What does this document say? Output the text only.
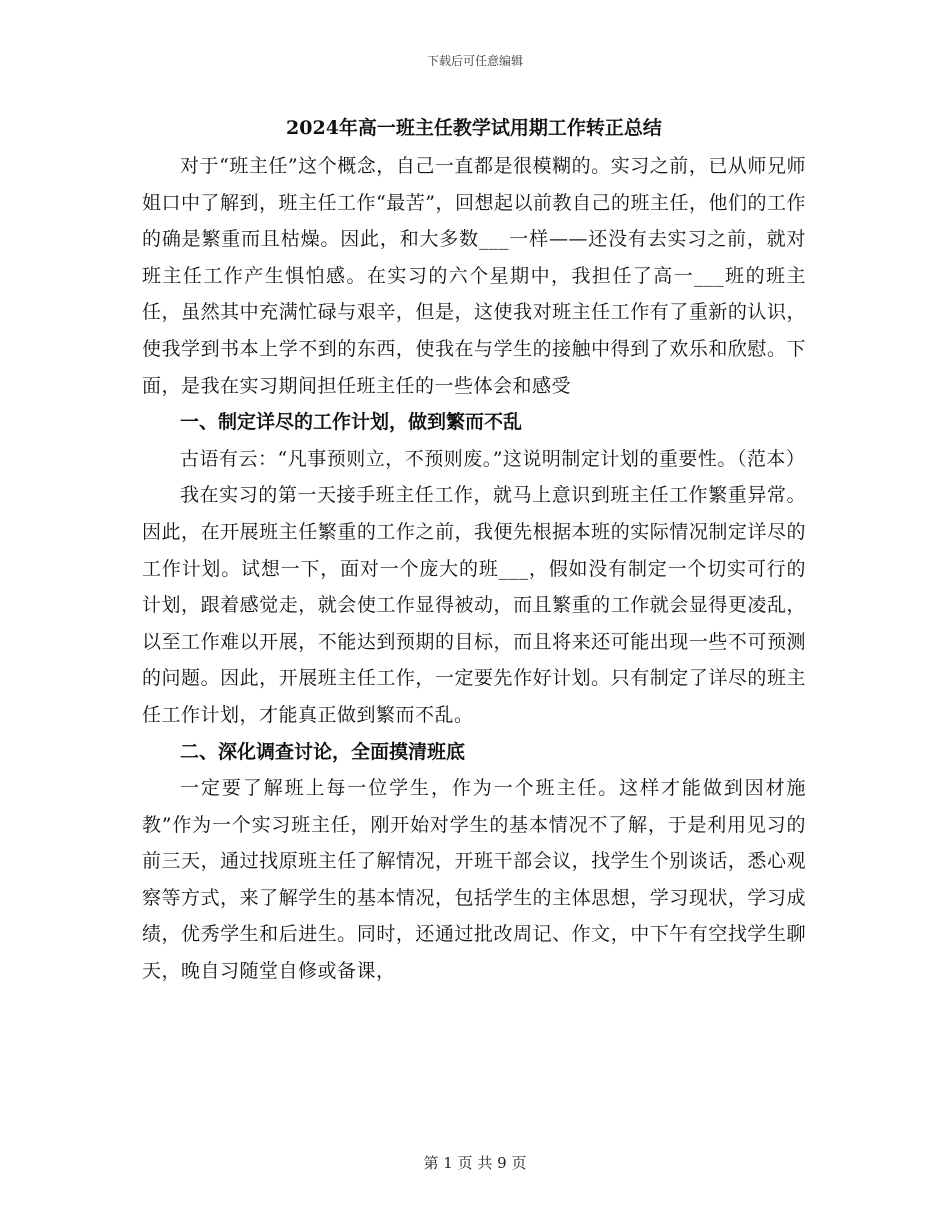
下载后可任意编辑
2024年高一班主任教学试用期工作转正总结

对于“班主任”这个概念，自己一直都是很模糊的。实习之前，已从师兄师姐口中了解到，班主任工作“最苦”，回想起以前教自己的班主任，他们的工作的确是繁重而且枯燥。因此，和大多数___一样——还没有去实习之前，就对班主任工作产生惧怕感。在实习的六个星期中，我担任了高一___班的班主任，虽然其中充满忙碌与艰辛，但是，这使我对班主任工作有了重新的认识，使我学到书本上学不到的东西，使我在与学生的接触中得到了欢乐和欣慰。下面，是我在实习期间担任班主任的一些体会和感受

一、制定详尽的工作计划，做到繁而不乱

古语有云：“凡事预则立，不预则废。”这说明制定计划的重要性。（范本）

我在实习的第一天接手班主任工作，就马上意识到班主任工作繁重异常。因此，在开展班主任繁重的工作之前，我便先根据本班的实际情况制定详尽的工作计划。试想一下，面对一个庞大的班___，假如没有制定一个切实可行的计划，跟着感觉走，就会使工作显得被动，而且繁重的工作就会显得更凌乱，以至工作难以开展，不能达到预期的目标，而且将来还可能出现一些不可预测的问题。因此，开展班主任工作，一定要先作好计划。只有制定了详尽的班主任工作计划，才能真正做到繁而不乱。

二、深化调查讨论，全面摸清班底

一定要了解班上每一位学生，作为一个班主任。这样才能做到因材施教”作为一个实习班主任，刚开始对学生的基本情况不了解，于是利用见习的前三天，通过找原班主任了解情况，开班干部会议，找学生个别谈话，悉心观察等方式，来了解学生的基本情况，包括学生的主体思想，学习现状，学习成绩，优秀学生和后进生。同时，还通过批改周记、作文，中下午有空找学生聊天，晚自习随堂自修或备课，

第 1 页 共 9 页
